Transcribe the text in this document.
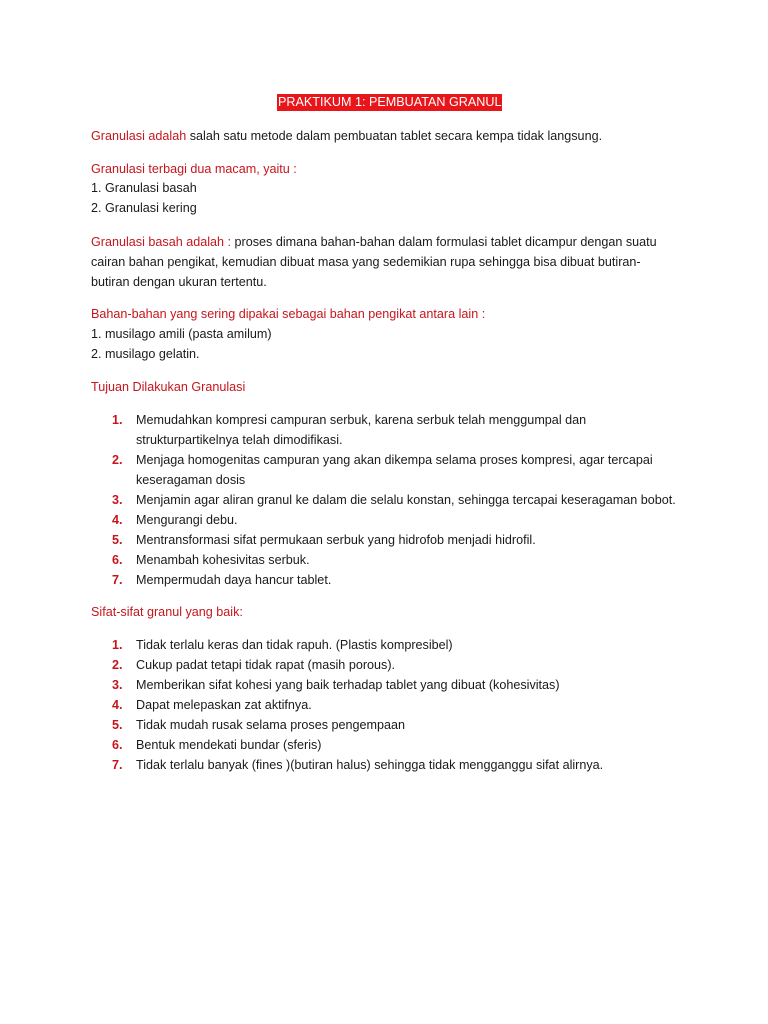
PRAKTIKUM 1: PEMBUATAN GRANUL
Granulasi adalah salah satu metode dalam pembuatan tablet secara kempa tidak langsung.
Granulasi terbagi dua macam, yaitu :
1. Granulasi basah
2. Granulasi kering
Granulasi basah adalah : proses dimana bahan-bahan dalam formulasi tablet dicampur dengan suatu
cairan bahan pengikat, kemudian dibuat masa yang sedemikian rupa sehingga bisa dibuat butiran-
butiran dengan ukuran tertentu.
Bahan-bahan yang sering dipakai sebagai bahan pengikat antara lain :
1. musilago amili (pasta amilum)
2. musilago gelatin.
Tujuan Dilakukan Granulasi
1. Memudahkan kompresi campuran serbuk, karena serbuk telah menggumpal dan
strukturpartikelnya telah dimodifikasi.
2. Menjaga homogenitas campuran yang akan dikempa selama proses kompresi, agar tercapai
keseragaman dosis
3. Menjamin agar aliran granul ke dalam die selalu konstan, sehingga tercapai keseragaman bobot.
4. Mengurangi debu.
5. Mentransformasi sifat permukaan serbuk yang hidrofob menjadi hidrofil.
6. Menambah kohesivitas serbuk.
7. Mempermudah daya hancur tablet.
Sifat-sifat granul yang baik:
1. Tidak terlalu keras dan tidak rapuh. (Plastis kompresibel)
2. Cukup padat tetapi tidak rapat (masih porous).
3. Memberikan sifat kohesi yang baik terhadap tablet yang dibuat (kohesivitas)
4. Dapat melepaskan zat aktifnya.
5. Tidak mudah rusak selama proses pengempaan
6. Bentuk mendekati bundar (sferis)
7. Tidak terlalu banyak (fines )(butiran halus) sehingga tidak mengganggu sifat alirnya.
